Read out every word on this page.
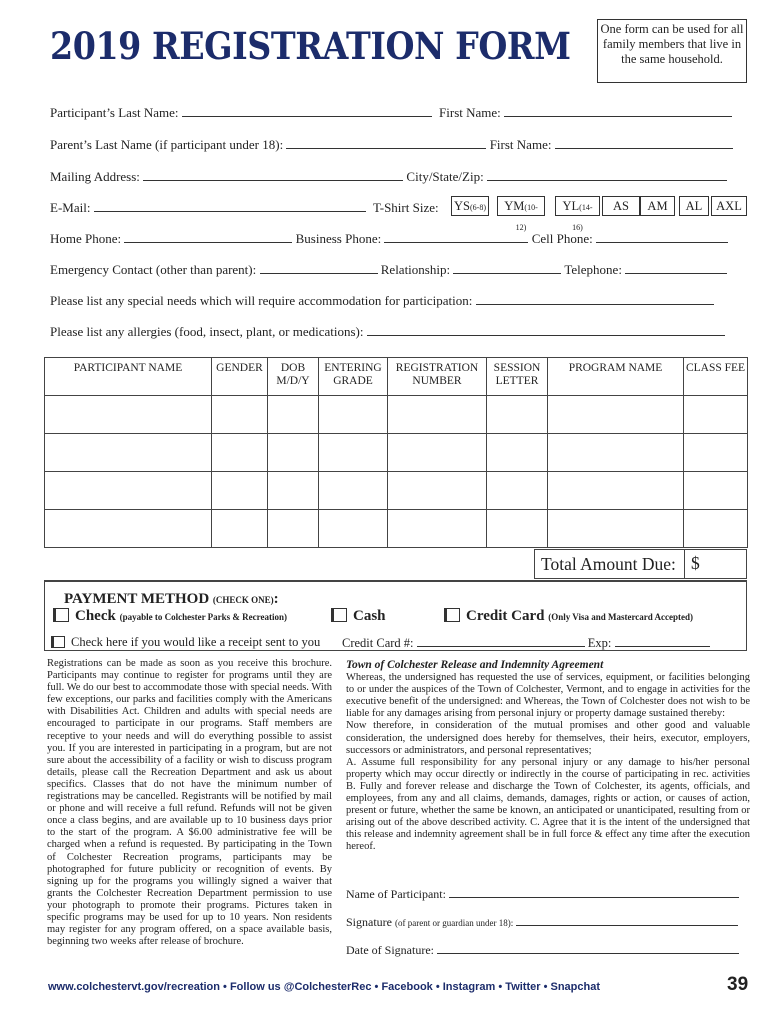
2019 REGISTRATION FORM One form can be used for all family members that live in the same household.
Participant’s Last Name:	First Name:
Parent’s Last Name (if participant under 18):	First Name:
Mailing Address:	City/State/Zip:
E-Mail:	T-Shirt Size: YS(6-8)	YM(10-12)
YL(14-16)
AS	AM	AL	AXL
Home Phone:	Business Phone:	Cell Phone:
Emergency Contact (other than parent):	Relationship:	Telephone:
Please list any special needs which will require accommodation for participation:
Please list any allergies (food, insect, plant, or medications):
PARTICIPANT NAME	GENDER	DOB M/D/Y	ENTERING GRADE	REGISTRATION NUMBER	SESSION LETTER	PROGRAM NAME	CLASS FEE

Total Amount Due: $
PAYMENT METHOD (CHECK ONE):
Check (payable to Colchester Parks & Recreation)	Cash	Credit Card (Only Visa and Mastercard Accepted)
Check here if you would like a receipt sent to you Credit Card #:	Exp:
Registrations can be made as soon as you receive this brochure. Participants may continue to register for programs until they are full. We do our best to accommodate those with special needs. With few exceptions, our parks and facilities comply with the Americans with Disabilities Act. Children and adults with special needs are encouraged to participate in our programs. Staff members are receptive to your needs and will do everything possible to assist you. If you are interested in participating in a program, but are not sure about the accessibility of a facility or wish to discuss program details, please call the Recreation Department and ask us about specifics. Classes that do not have the minimum number of registrations may be cancelled. Registrants will be notified by mail or phone and will receive a full refund. Refunds will not be given once a class begins, and are available up to 10 business days prior to the start of the program. A $6.00 administrative fee will be charged when a refund is requested. By participating in the Town of Colchester Recreation programs, participants may be photographed for future publicity or recognition of events. By signing up for the programs you willingly signed a waiver that grants the Colchester Recreation Department permission to use your photograph to promote their programs. Pictures taken in specific programs may be used for up to 10 years. Non residents may register for any program offered, on a space available basis, beginning two weeks after release of brochure.
Town of Colchester Release and Indemnity Agreement
Whereas, the undersigned has requested the use of services, equipment, or facilities belonging to or under the auspices of the Town of Colchester, Vermont, and to engage in activities for the executive benefit of the undersigned: and Whereas, the Town of Colchester does not wish to be liable for any damages arising from personal injury or property damage sustained thereby:
Now therefore, in consideration of the mutual promises and other good and valuable consideration, the undersigned does hereby for themselves, their heirs, executor, employers, successors or administrators, and personal representatives;
A. Assume full responsibility for any personal injury or any damage to his/her personal property which may occur directly or indirectly in the course of participating in rec. activities B. Fully and forever release and discharge the Town of Colchester, its agents, officials, and employees, from any and all claims, demands, damages, rights or action, or causes of action, present or future, whether the same be known, an anticipated or unanticipated, resulting from or arising out of the above described activity. C. Agree that it is the intent of the undersigned that this release and indemnity agreement shall be in full force & effect any time after the execution hereof.
Name of Participant:
Signature (of parent or guardian under 18):
Date of Signature:
www.colchestervt.gov/recreation • Follow us @ColchesterRec • Facebook • Instagram • Twitter • Snapchat	39
